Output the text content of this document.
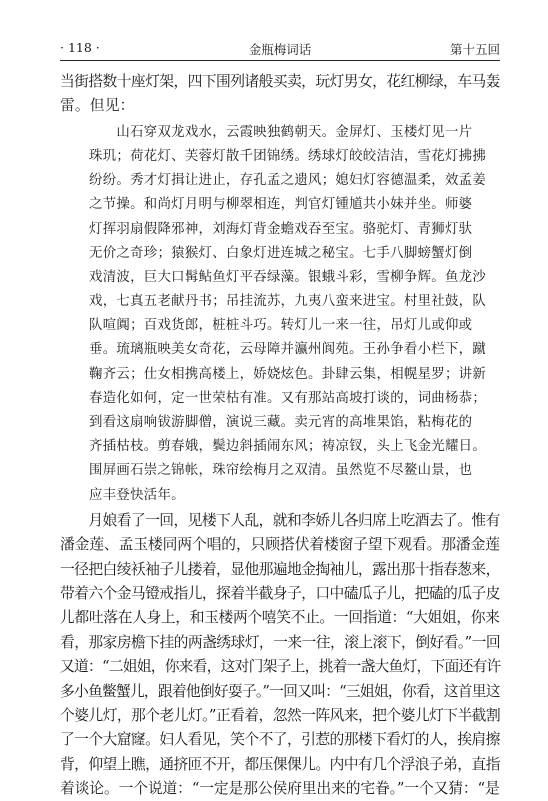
· 118 ·	金瓶梅词话	第十五回
当街搭数十座灯架，四下围列诸般买卖，玩灯男女，花红柳绿，车马轰
雷。但见：
　　山石穿双龙戏水，云霞映独鹤朝天。金屏灯、玉楼灯见一片
珠玑；荷花灯、芙蓉灯散千团锦绣。绣球灯皎皎洁洁，雪花灯拂拂
纷纷。秀才灯揖让进止，存孔孟之遗风；媳妇灯容德温柔，效孟姜
之节操。和尚灯月明与柳翠相连，判官灯锺馗共小妹并坐。师婆
灯挥羽扇假降邪神，刘海灯背金蟾戏吞至宝。骆驼灯、青狮灯驮
无价之奇珍；猿猴灯、白象灯进连城之秘宝。七手八脚螃蟹灯倒
戏清波，巨大口髯鲇鱼灯平吞绿藻。银蛾斗彩，雪柳争辉。鱼龙沙
戏，七真五老献丹书；吊挂流苏，九夷八蛮来进宝。村里社鼓，队
队喧阗；百戏货郎，桩桩斗巧。转灯儿一来一往，吊灯儿或仰或
垂。琉璃瓶映美女奇花，云母障并瀛州阆苑。王孙争看小栏下，蹴
鞠齐云；仕女相携高楼上，娇娆炫色。卦肆云集，相幌星罗；讲新
春造化如何，定一世荣枯有准。又有那站高坡打谈的，词曲杨恭；
到看这扇响钹游脚僧，演说三藏。卖元宵的高堆果馅，粘梅花的
齐插枯枝。剪春娥，鬓边斜插闹东风；祷凉钗，头上飞金光耀日。
围屏画石崇之锦帐，珠帘绘梅月之双清。虽然览不尽鳌山景，也
应丰登快活年。
　　月娘看了一回，见楼下人乱，就和李娇儿各归席上吃酒去了。惟有
潘金莲、孟玉楼同两个唱的，只顾搭伏着楼窗子望下观看。那潘金莲
一径把白绫袄袖子儿搂着，显他那遍地金掏袖儿，露出那十指春葱来，
带着六个金马镫戒指儿，探着半截身子，口中磕瓜子儿，把磕的瓜子皮
儿都吐落在人身上，和玉楼两个嘻笑不止。一回指道：“大姐姐，你来
看，那家房檐下挂的两盏绣球灯，一来一往，滚上滚下，倒好看。”一回
又道：“二姐姐，你来看，这对门架子上，挑着一盏大鱼灯，下面还有许
多小鱼鳖蟹儿，跟着他倒好耍子。”一回又叫：“三姐姐，你看，这首里这
个婆儿灯，那个老儿灯。”正看着，忽然一阵风来，把个婆儿灯下半截割
了一个大窟窿。妇人看见，笑个不了，引惹的那楼下看灯的人，挨肩擦
背，仰望上瞧，通挤匝不开，都压倮倮儿。内中有几个浮浪子弟，直指
着谈论。一个说道：“一定是那公侯府里出来的宅眷。”一个又猜：“是
